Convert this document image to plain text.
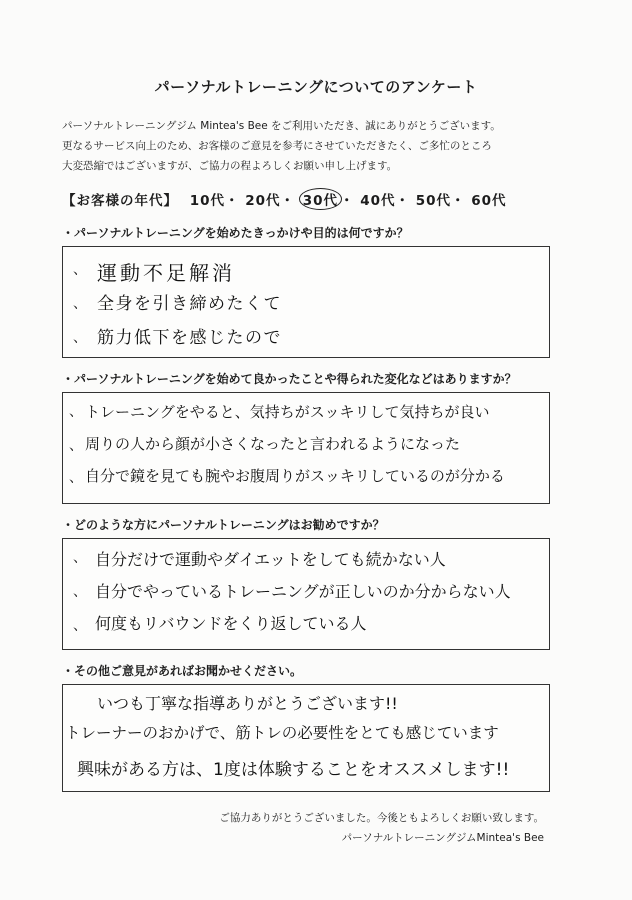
パーソナルトレーニングについてのアンケート
パーソナルトレーニングジム Mintea's Bee をご利用いただき、誠にありがとうございます。
更なるサービス向上のため、お客様のご意見を参考にさせていただきたく、ご多忙のところ
大変恐縮ではございますが、ご協力の程よろしくお願い申し上げます。
【お客様の年代】 10代・ 20代・ 30代 ・ 40代・ 50代・ 60代
・パーソナルトレーニングを始めたきっかけや目的は何ですか？
、 運動不足解消
、 全身を引き締めたくて
、 筋力低下を感じたので
・パーソナルトレーニングを始めて良かったことや得られた変化などはありますか？
、 トレーニングをやると、気持ちがスッキリして気持ちが良い
、 周りの人から顔が小さくなったと言われるようになった
、 自分で鏡を見ても腕やお腹周りがスッキリしているのが分かる
・どのような方にパーソナルトレーニングはお勧めですか？
、 自分だけで運動やダイエットをしても続かない人
、 自分でやっているトレーニングが正しいのか分からない人
、 何度もリバウンドをくり返している人
・その他ご意見があればお聞かせください。
いつも丁寧な指導ありがとうございます!!
トレーナーのおかげで、筋トレの必要性をとても感じています
興味がある方は、1度は体験することをオススメします!!
ご協力ありがとうございました。今後ともよろしくお願い致します。
パーソナルトレーニングジムMintea's Bee
